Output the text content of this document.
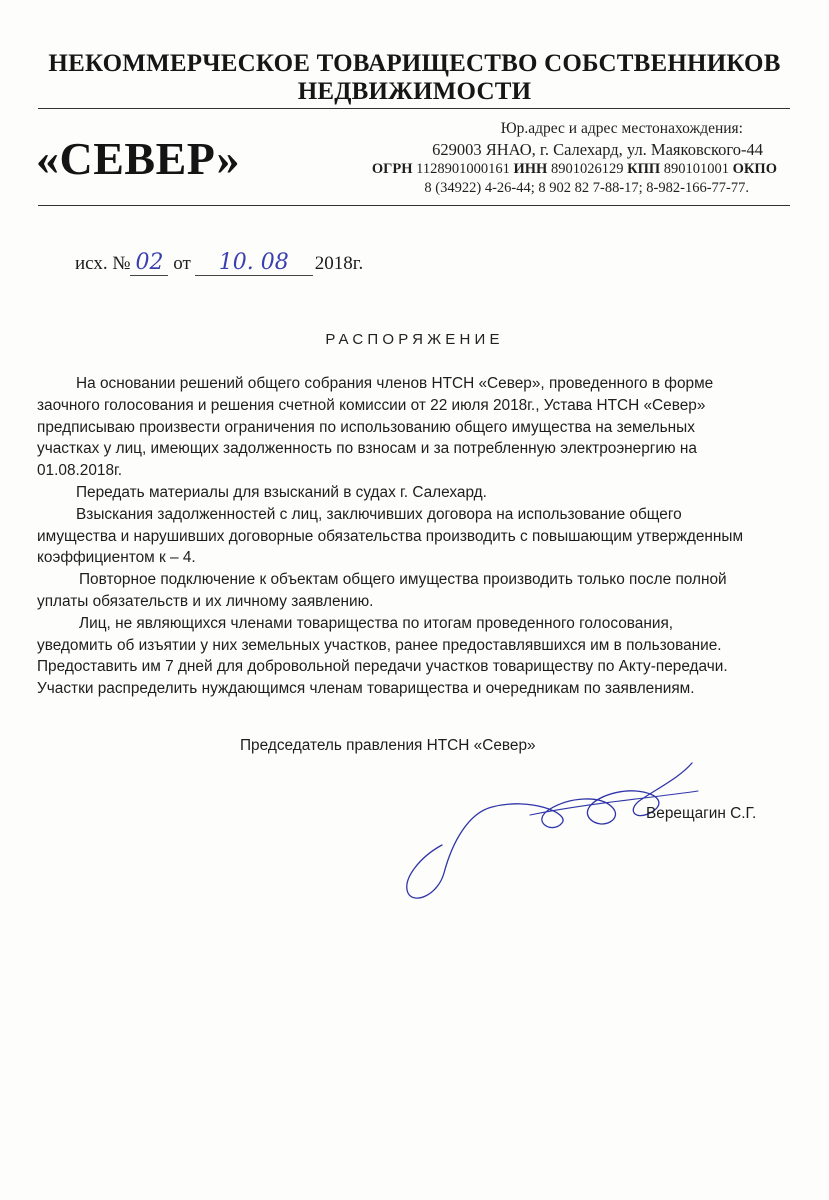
НЕКОММЕРЧЕСКОЕ ТОВАРИЩЕСТВО СОБСТВЕННИКОВ
НЕДВИЖИМОСТИ
«СЕВЕР»
Юр.адрес и адрес местонахождения:
629003 ЯНАО, г. Салехард, ул. Маяковского-44
ОГРН 1128901000161 ИНН 8901026129 КПП 890101001 ОКПО
8 (34922) 4-26-44; 8 902 82 7-88-17; 8-982-166-77-77.
исх. № 02 от 10. 08 2018г.
РАСПОРЯЖЕНИЕ

На основании решений общего собрания членов НТСН «Север», проведенного в форме
заочного голосования и решения счетной комиссии от 22 июля 2018г., Устава НТСН «Север»
предписываю произвести ограничения по использованию общего имущества на земельных
участках у лиц, имеющих задолженность по взносам и за потребленную электроэнергию на
01.08.2018г.

Передать материалы для взысканий в судах г. Салехард.

Взыскания задолженностей с лиц, заключивших договора на использование общего
имущества и нарушивших договорные обязательства производить с повышающим утвержденным
коэффициентом к – 4.

Повторное подключение к объектам общего имущества производить только после полной
уплаты обязательств и их личному заявлению.

Лиц, не являющихся членами товарищества по итогам проведенного голосования,
уведомить об изъятии у них земельных участков, ранее предоставлявшихся им в пользование.
Предоставить им 7 дней для добровольной передачи участков товариществу по Акту-передачи.
Участки распределить нуждающимся членам товарищества и очередникам по заявлениям.

Председатель правления НТСН «Север»
Верещагин С.Г.
